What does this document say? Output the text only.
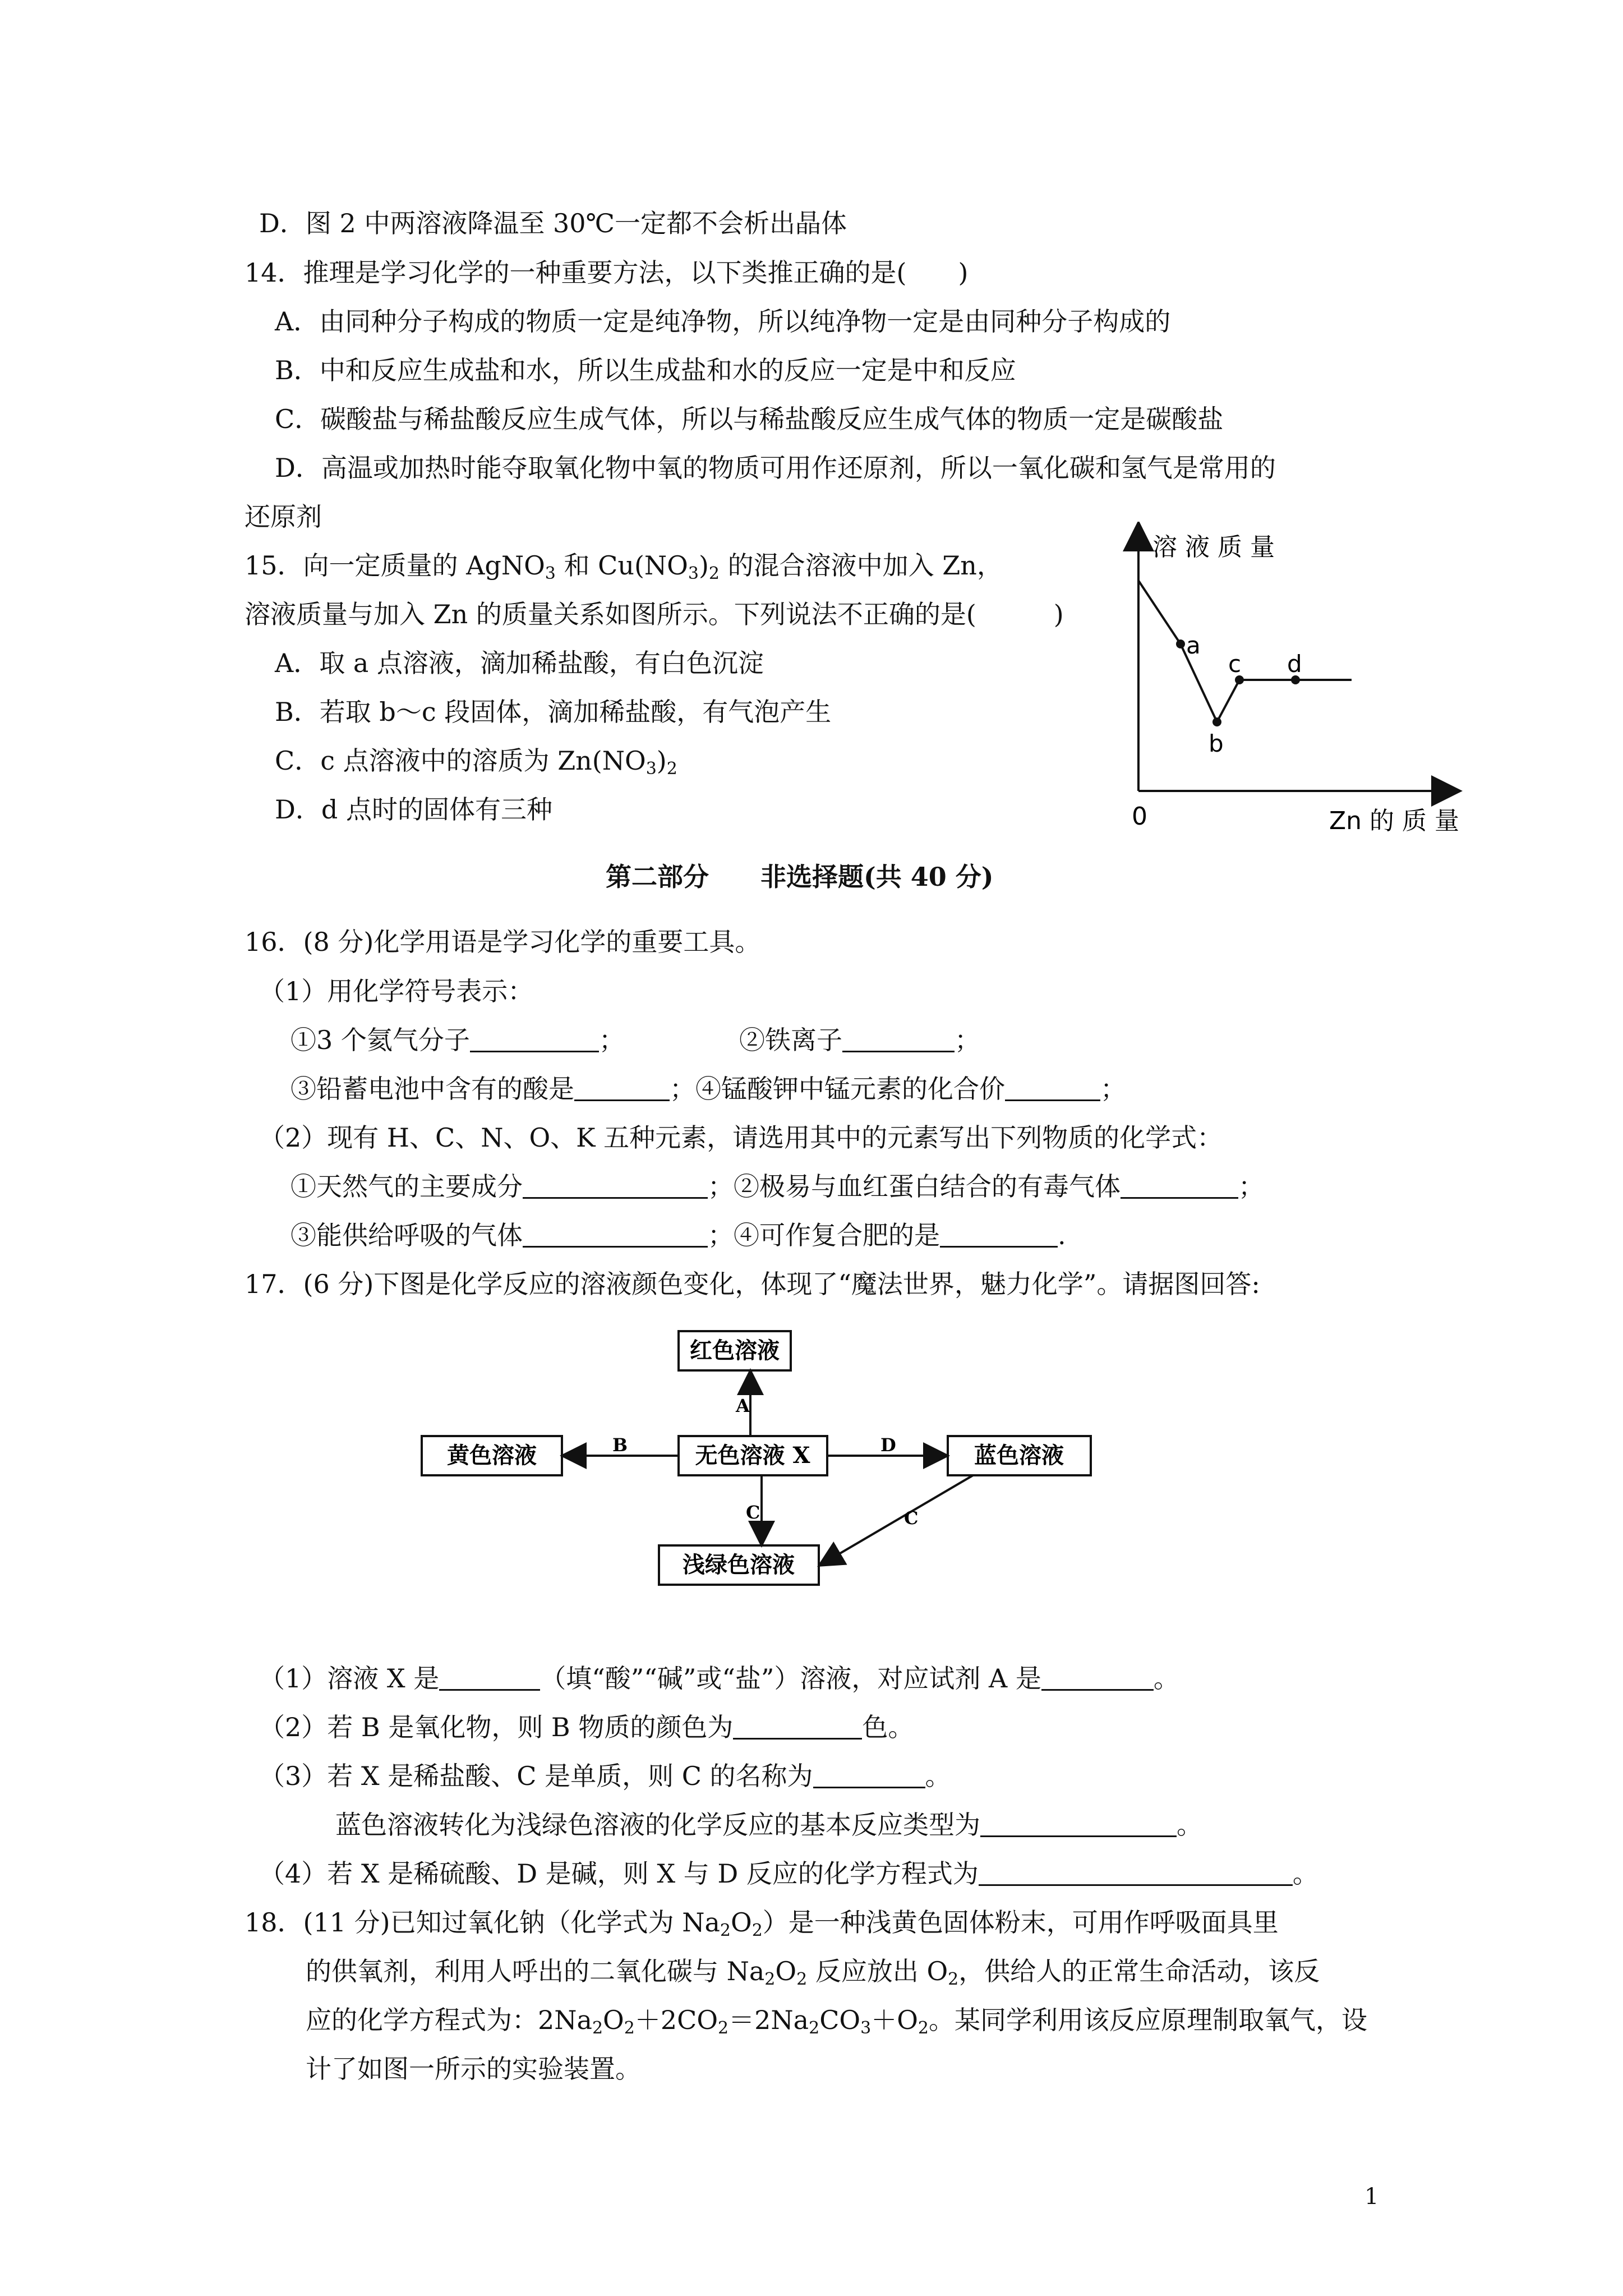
D．图 2 中两溶液降温至 30℃一定都不会析出晶体
14．推理是学习化学的一种重要方法，以下类推正确的是(　　)
A．由同种分子构成的物质一定是纯净物，所以纯净物一定是由同种分子构成的
B．中和反应生成盐和水，所以生成盐和水的反应一定是中和反应
C．碳酸盐与稀盐酸反应生成气体，所以与稀盐酸反应生成气体的物质一定是碳酸盐
D．高温或加热时能夺取氧化物中氧的物质可用作还原剂，所以一氧化碳和氢气是常用的
还原剂
15．向一定质量的 AgNO$_3$ 和 $Cu(NO_3)_2$ 的混合溶液中加入 Zn，
溶液质量与加入 Zn 的质量关系如图所示。下列说法不正确的是(　　　)
A．取 a 点溶液，滴加稀盐酸，有白色沉淀
B．若取 b～c 段固体，滴加稀盐酸，有气泡产生
C．c 点溶液中的溶质为 $Zn(NO_3)_2$
D．d 点时的固体有三种
溶 液 质 量
a
b
c d
0	Zn 的 质 量
第二部分　　非选择题(共 40 分)
16．(8 分)化学用语是学习化学的重要工具。
（1）用化学符号表示：
①3 个氦气分子	；	②铁离子	；
③铅蓄电池中含有的酸是	；④锰酸钾中锰元素的化合价	；
（2）现有 H、C、N、O、K 五种元素，请选用其中的元素写出下列物质的化学式：
①天然气的主要成分	；②极易与血红蛋白结合的有毒气体	；
③能供给呼吸的气体	；④可作复合肥的是	.
17．(6 分)下图是化学反应的溶液颜色变化，体现了“魔法世界，魅力化学”。请据图回答:
红色溶液
黄色溶液	无色溶液 X	蓝色溶液
浅绿色溶液
A
B	D
C	C
（1）溶液 X 是	（填“酸”“碱”或“盐”）溶液，对应试剂 A 是	。
（2）若 B 是氧化物，则 B 物质的颜色为	色。
（3）若 X 是稀盐酸、C 是单质，则 C 的名称为	。
蓝色溶液转化为浅绿色溶液的化学反应的基本反应类型为	。
（4）若 X 是稀硫酸、D 是碱，则 X 与 D 反应的化学方程式为	。
18．(11 分)已知过氧化钠（化学式为 $Na_2O_2$）是一种浅黄色固体粉末，可用作呼吸面具里
的供氧剂，利用人呼出的二氧化碳与 $Na_2O_2$ 反应放出 $O_2$，供给人的正常生命活动，该反
应的化学方程式为：$2Na_2O_2+2CO_2=2Na_2CO_3+O_2$。某同学利用该反应原理制取氧气，设
计了如图一所示的实验装置。
1
